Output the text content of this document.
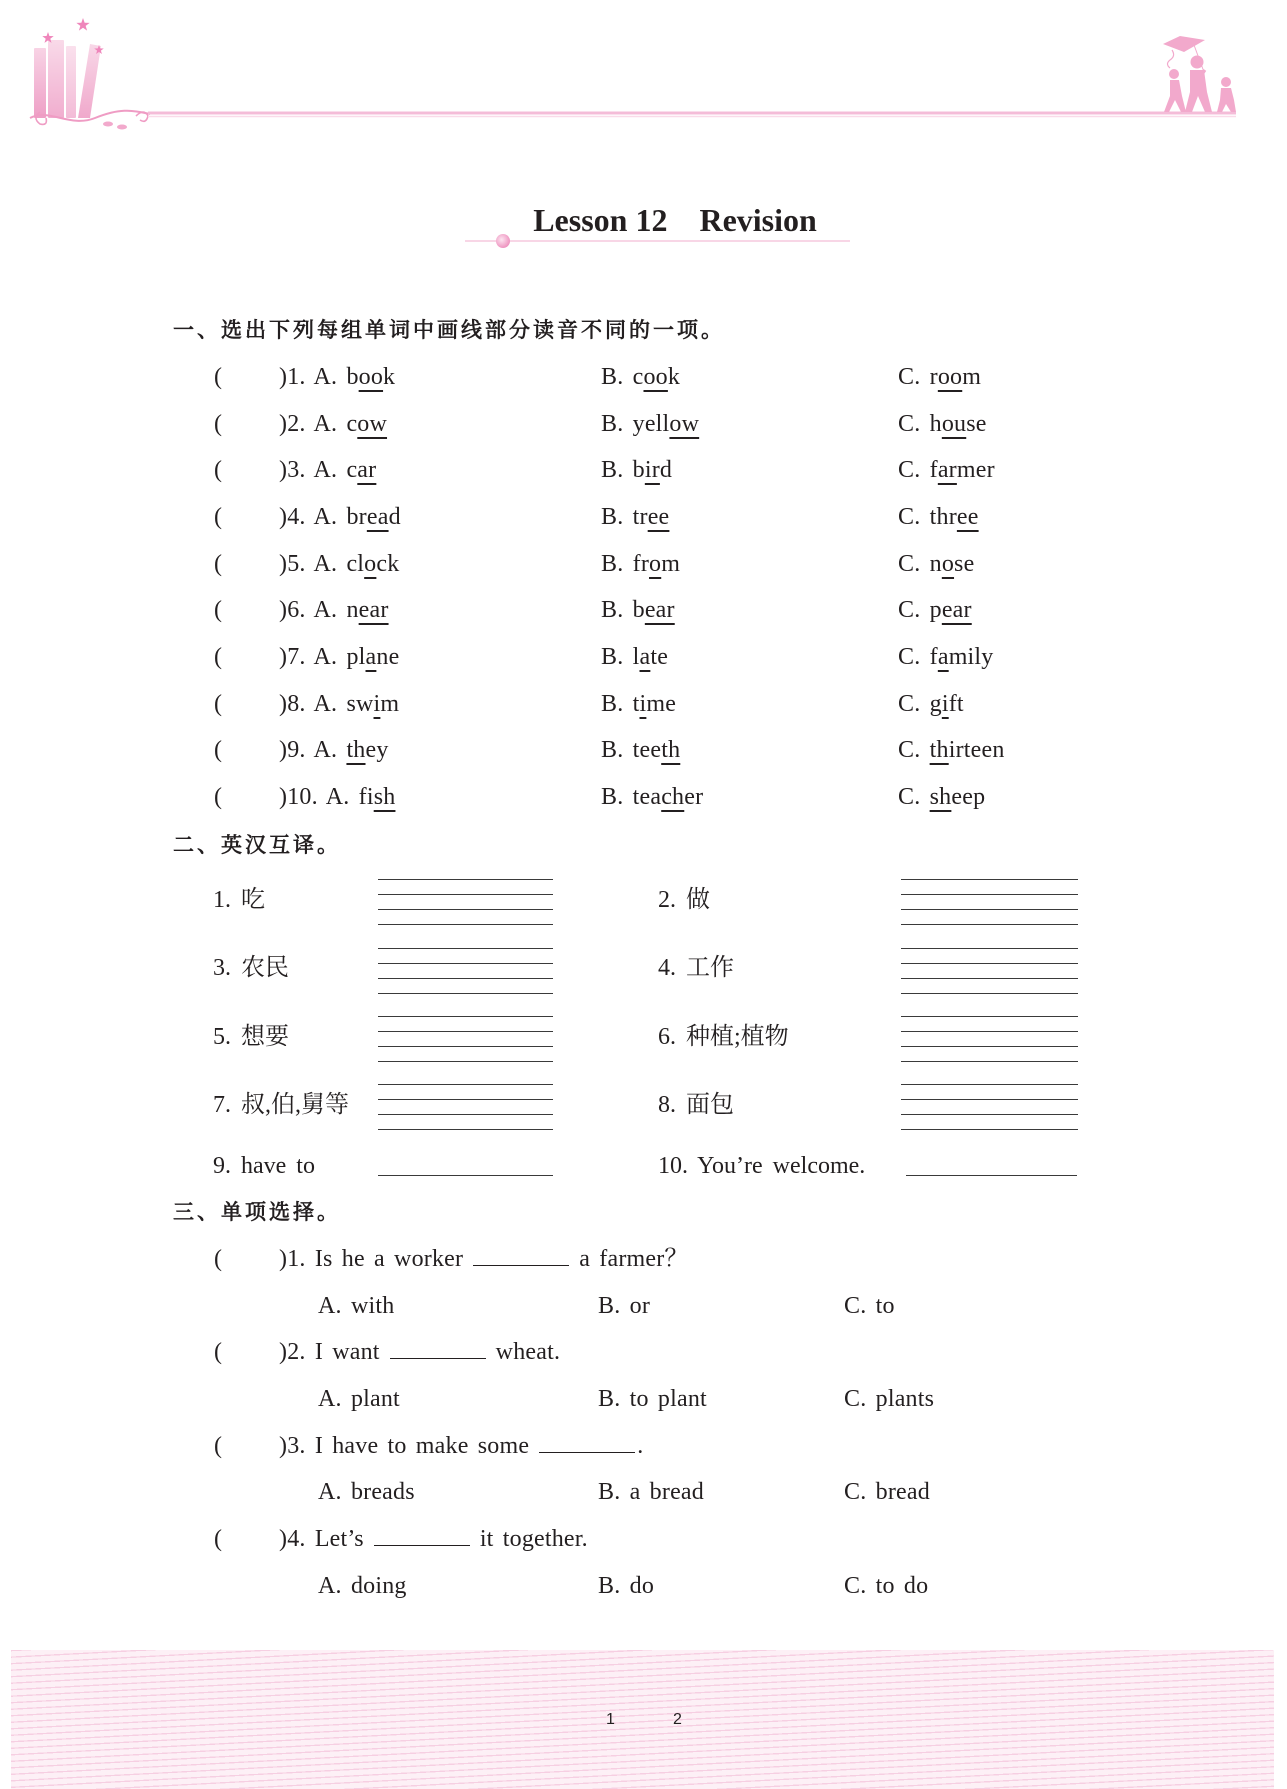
Lesson 12    Revision
一、选出下列每组单词中画线部分读音不同的一项。
( )1. A. book	B. cook	C. room
( )2. A. cow	B. yellow	C. house
( )3. A. car	B. bird	C. farmer
( )4. A. bread	B. tree	C. three
( )5. A. clock	B. from	C. nose
( )6. A. near	B. bear	C. pear
( )7. A. plane	B. late	C. family
( )8. A. swim	B. time	C. gift
( )9. A. they	B. teeth	C. thirteen
( )10. A. fish	B. teacher	C. sheep
二、英汉互译。
1. 吃	2. 做
3. 农民	4. 工作
5. 想要	6. 种植;植物
7. 叔,伯,舅等	8. 面包
9. have to	10. You’re welcome.
三、单项选择。
( )1. Is he a worker	a farmer？
A. with	B. or	C. to
( )2. I want	wheat.
A. plant	B. to plant	C. plants
( )3. I have to make some	.
A. breads	B. a bread	C. bread
( )4. Let’s	it together.
A. doing	B. do	C. to do
1	2
